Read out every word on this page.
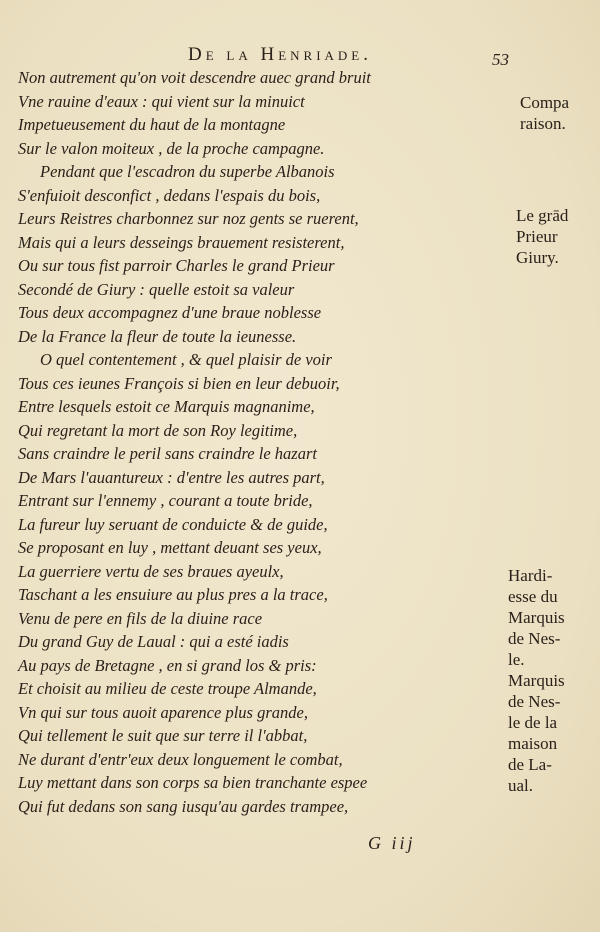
De la Henriade.	53
Non autrement qu'on voit descendre auec grand bruit
Vne rauine d'eaux : qui vient sur la minuict
Impetueusement du haut de la montagne
Sur le valon moiteux , de la proche campagne.
Pendant que l'escadron du superbe Albanois
S'enfuioit desconfict , dedans l'espais du bois,
Leurs Reistres charbonnez sur noz gents se ruerent,
Mais qui a leurs desseings brauement resisterent,
Ou sur tous fist parroir Charles le grand Prieur
Secondé de Giury : quelle estoit sa valeur
Tous deux accompagnez d'une braue noblesse
De la France la fleur de toute la ieunesse.
O quel contentement , & quel plaisir de voir
Tous ces ieunes François si bien en leur debuoir,
Entre lesquels estoit ce Marquis magnanime,
Qui regretant la mort de son Roy legitime,
Sans craindre le peril sans craindre le hazart
De Mars l'auantureux : d'entre les autres part,
Entrant sur l'ennemy , courant a toute bride,
La fureur luy seruant de conduicte & de guide,
Se proposant en luy , mettant deuant ses yeux,
La guerriere vertu de ses braues ayeulx,
Taschant a les ensuiure au plus pres a la trace,
Venu de pere en fils de la diuine race
Du grand Guy de Laual : qui a esté iadis
Au pays de Bretagne , en si grand los & pris:
Et choisit au milieu de ceste troupe Almande,
Vn qui sur tous auoit aparence plus grande,
Qui tellement le suit que sur terre il l'abbat,
Ne durant d'entr'eux deux longuement le combat,
Luy mettant dans son corps sa bien tranchante espee
Qui fut dedans son sang iusqu'au gardes trampee,
Compa
raison.
Le grād
Prieur
Giury.
Hardi-
esse du
Marquis
de Nes-
le.
Marquis
de Nes-
le de la
maison
de La-
ual.
G iij
